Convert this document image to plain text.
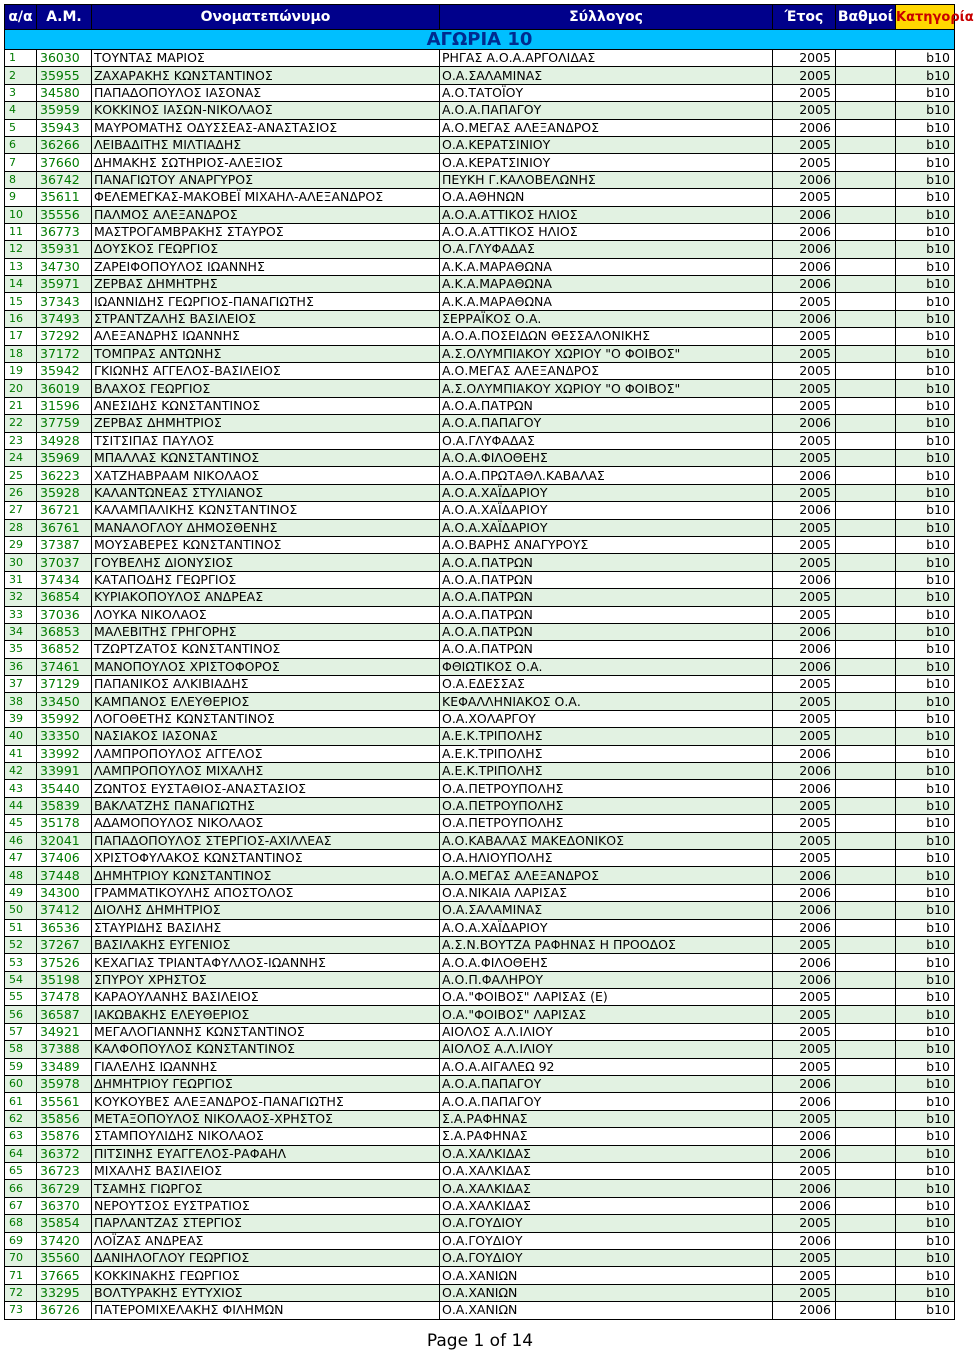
α/α	Α.Μ.	Ονοματεπώνυμο	Σύλλογος	Έτος	Βαθμοί	Κατηγορία
ΑΓΩΡΙΑ 10						
1	36030	ΤΟΥΝΤΑΣ ΜΑΡΙΟΣ	ΡΗΓΑΣ Α.Ο.Α.ΑΡΓΟΛΙΔΑΣ	2005		b10
2	35955	ΖΑΧΑΡΑΚΗΣ ΚΩΝΣΤΑΝΤΙΝΟΣ	Ο.Α.ΣΑΛΑΜΙΝΑΣ	2005		b10
3	34580	ΠΑΠΑΔΟΠΟΥΛΟΣ ΙΑΣΟΝΑΣ	Α.Ο.ΤΑΤΟΪΟΥ	2005		b10
4	35959	ΚΟΚΚΙΝΟΣ ΙΑΣΩΝ-ΝΙΚΟΛΑΟΣ	Α.Ο.Α.ΠΑΠΑΓΟΥ	2005		b10
5	35943	ΜΑΥΡΟΜΑΤΗΣ ΟΔΥΣΣΕΑΣ-ΑΝΑΣΤΑΣΙΟΣ	Α.Ο.ΜΕΓΑΣ ΑΛΕΞΑΝΔΡΟΣ	2006		b10
6	36266	ΛΕΙΒΑΔΙΤΗΣ ΜΙΛΤΙΑΔΗΣ	Ο.Α.ΚΕΡΑΤΣΙΝΙΟΥ	2005		b10
7	37660	ΔΗΜΑΚΗΣ ΣΩΤΗΡΙΟΣ-ΑΛΕΞΙΟΣ	Ο.Α.ΚΕΡΑΤΣΙΝΙΟΥ	2005		b10
8	36742	ΠΑΝΑΓΙΩΤΟΥ ΑΝΑΡΓΥΡΟΣ	ΠΕΥΚΗ Γ.ΚΑΛΟΒΕΛΩΝΗΣ	2006		b10
9	35611	ΦΕΛΕΜΕΓΚΑΣ-ΜΑΚΟΒΕΪ ΜΙΧΑΗΛ-ΑΛΕΞΑΝΔΡΟΣ	Ο.Α.ΑΘΗΝΩΝ	2005		b10
10	35556	ΠΑΛΜΟΣ ΑΛΕΞΑΝΔΡΟΣ	Α.Ο.Α.ΑΤΤΙΚΟΣ ΗΛΙΟΣ	2006		b10
11	36773	ΜΑΣΤΡΟΓΑΜΒΡΑΚΗΣ ΣΤΑΥΡΟΣ	Α.Ο.Α.ΑΤΤΙΚΟΣ ΗΛΙΟΣ	2006		b10
12	35931	ΔΟΥΣΚΟΣ ΓΕΩΡΓΙΟΣ	Ο.Α.ΓΛΥΦΑΔΑΣ	2006		b10
13	34730	ΖΑΡΕΙΦΟΠΟΥΛΟΣ ΙΩΑΝΝΗΣ	Α.Κ.Α.ΜΑΡΑΘΩΝΑ	2006		b10
14	35971	ΖΕΡΒΑΣ ΔΗΜΗΤΡΗΣ	Α.Κ.Α.ΜΑΡΑΘΩΝΑ	2006		b10
15	37343	ΙΩΑΝΝΙΔΗΣ ΓΕΩΡΓΙΟΣ-ΠΑΝΑΓΙΩΤΗΣ	Α.Κ.Α.ΜΑΡΑΘΩΝΑ	2005		b10
16	37493	ΣΤΡΑΝΤΖΑΛΗΣ ΒΑΣΙΛΕΙΟΣ	ΣΕΡΡΑΪΚΟΣ Ο.Α.	2006		b10
17	37292	ΑΛΕΞΑΝΔΡΗΣ ΙΩΑΝΝΗΣ	Α.Ο.Α.ΠΟΣΕΙΔΩΝ ΘΕΣΣΑΛΟΝΙΚΗΣ	2005		b10
18	37172	ΤΟΜΠΡΑΣ ΑΝΤΩΝΗΣ	Α.Σ.ΟΛΥΜΠΙΑΚΟΥ ΧΩΡΙΟΥ "Ο ΦΟΙΒΟΣ"	2005		b10
19	35942	ΓΚΙΩΝΗΣ ΑΓΓΕΛΟΣ-ΒΑΣΙΛΕΙΟΣ	Α.Ο.ΜΕΓΑΣ ΑΛΕΞΑΝΔΡΟΣ	2005		b10
20	36019	ΒΛΑΧΟΣ ΓΕΩΡΓΙΟΣ	Α.Σ.ΟΛΥΜΠΙΑΚΟΥ ΧΩΡΙΟΥ "Ο ΦΟΙΒΟΣ"	2005		b10
21	31596	ΑΝΕΣΙΔΗΣ ΚΩΝΣΤΑΝΤΙΝΟΣ	Α.Ο.Α.ΠΑΤΡΩΝ	2005		b10
22	37759	ΖΕΡΒΑΣ ΔΗΜΗΤΡΙΟΣ	Α.Ο.Α.ΠΑΠΑΓΟΥ	2006		b10
23	34928	ΤΣΙΤΣΙΠΑΣ ΠΑΥΛΟΣ	Ο.Α.ΓΛΥΦΑΔΑΣ	2005		b10
24	35969	ΜΠΑΛΛΑΣ ΚΩΝΣΤΑΝΤΙΝΟΣ	Α.Ο.Α.ΦΙΛΟΘΕΗΣ	2005		b10
25	36223	ΧΑΤΖΗΑΒΡΑΑΜ ΝΙΚΟΛΑΟΣ	Α.Ο.Α.ΠΡΩΤΑΘΛ.ΚΑΒΑΛΑΣ	2006		b10
26	35928	ΚΑΛΑΝΤΩΝΕΑΣ ΣΤΥΛΙΑΝΟΣ	Α.Ο.Α.ΧΑΪΔΑΡΙΟΥ	2005		b10
27	36721	ΚΑΛΑΜΠΑΛΙΚΗΣ ΚΩΝΣΤΑΝΤΙΝΟΣ	Α.Ο.Α.ΧΑΪΔΑΡΙΟΥ	2006		b10
28	36761	ΜΑΝΑΛΟΓΛΟΥ ΔΗΜΟΣΘΕΝΗΣ	Α.Ο.Α.ΧΑΪΔΑΡΙΟΥ	2005		b10
29	37387	ΜΟΥΣΑΒΕΡΕΣ ΚΩΝΣΤΑΝΤΙΝΟΣ	Α.Ο.ΒΑΡΗΣ ΑΝΑΓΥΡΟΥΣ	2005		b10
30	37037	ΓΟΥΒΕΛΗΣ ΔΙΟΝΥΣΙΟΣ	Α.Ο.Α.ΠΑΤΡΩΝ	2005		b10
31	37434	ΚΑΤΑΠΟΔΗΣ ΓΕΩΡΓΙΟΣ	Α.Ο.Α.ΠΑΤΡΩΝ	2006		b10
32	36854	ΚΥΡΙΑΚΟΠΟΥΛΟΣ ΑΝΔΡΕΑΣ	Α.Ο.Α.ΠΑΤΡΩΝ	2005		b10
33	37036	ΛΟΥΚΑ ΝΙΚΟΛΑΟΣ	Α.Ο.Α.ΠΑΤΡΩΝ	2005		b10
34	36853	ΜΑΛΕΒΙΤΗΣ ΓΡΗΓΟΡΗΣ	Α.Ο.Α.ΠΑΤΡΩΝ	2006		b10
35	36852	ΤΖΩΡΤΖΑΤΟΣ ΚΩΝΣΤΑΝΤΙΝΟΣ	Α.Ο.Α.ΠΑΤΡΩΝ	2006		b10
36	37461	ΜΑΝΟΠΟΥΛΟΣ ΧΡΙΣΤΟΦΟΡΟΣ	ΦΘΙΩΤΙΚΟΣ Ο.Α.	2006		b10
37	37129	ΠΑΠΑΝΙΚΟΣ ΑΛΚΙΒΙΑΔΗΣ	Ο.Α.ΕΔΕΣΣΑΣ	2005		b10
38	33450	ΚΑΜΠΑΝΟΣ ΕΛΕΥΘΕΡΙΟΣ	ΚΕΦΑΛΛΗΝΙΑΚΟΣ Ο.Α.	2005		b10
39	35992	ΛΟΓΟΘΕΤΗΣ ΚΩΝΣΤΑΝΤΙΝΟΣ	Ο.Α.ΧΟΛΑΡΓΟΥ	2005		b10
40	33350	ΝΑΣΙΑΚΟΣ ΙΑΣΟΝΑΣ	Α.Ε.Κ.ΤΡΙΠΟΛΗΣ	2005		b10
41	33992	ΛΑΜΠΡΟΠΟΥΛΟΣ ΑΓΓΕΛΟΣ	Α.Ε.Κ.ΤΡΙΠΟΛΗΣ	2006		b10
42	33991	ΛΑΜΠΡΟΠΟΥΛΟΣ ΜΙΧΑΛΗΣ	Α.Ε.Κ.ΤΡΙΠΟΛΗΣ	2006		b10
43	35440	ΖΩΝΤΟΣ ΕΥΣΤΑΘΙΟΣ-ΑΝΑΣΤΑΣΙΟΣ	Ο.Α.ΠΕΤΡΟΥΠΟΛΗΣ	2006		b10
44	35839	ΒΑΚΛΑΤΖΗΣ ΠΑΝΑΓΙΩΤΗΣ	Ο.Α.ΠΕΤΡΟΥΠΟΛΗΣ	2005		b10
45	35178	ΑΔΑΜΟΠΟΥΛΟΣ ΝΙΚΟΛΑΟΣ	Ο.Α.ΠΕΤΡΟΥΠΟΛΗΣ	2005		b10
46	32041	ΠΑΠΑΔΟΠΟΥΛΟΣ ΣΤΕΡΓΙΟΣ-ΑΧΙΛΛΕΑΣ	Α.Ο.ΚΑΒΑΛΑΣ ΜΑΚΕΔΟΝΙΚΟΣ	2005		b10
47	37406	ΧΡΙΣΤΟΦΥΛΑΚΟΣ ΚΩΝΣΤΑΝΤΙΝΟΣ	Ο.Α.ΗΛΙΟΥΠΟΛΗΣ	2005		b10
48	37448	ΔΗΜΗΤΡΙΟΥ ΚΩΝΣΤΑΝΤΙΝΟΣ	Α.Ο.ΜΕΓΑΣ ΑΛΕΞΑΝΔΡΟΣ	2006		b10
49	34300	ΓΡΑΜΜΑΤΙΚΟΥΛΗΣ ΑΠΟΣΤΟΛΟΣ	Ο.Α.ΝΙΚΑΙΑ ΛΑΡΙΣΑΣ	2006		b10
50	37412	ΔΙΟΛΗΣ ΔΗΜΗΤΡΙΟΣ	Ο.Α.ΣΑΛΑΜΙΝΑΣ	2006		b10
51	36536	ΣΤΑΥΡΙΔΗΣ ΒΑΣΙΛΗΣ	Α.Ο.Α.ΧΑΪΔΑΡΙΟΥ	2006		b10
52	37267	ΒΑΣΙΛΑΚΗΣ ΕΥΓΕΝΙΟΣ	Α.Σ.Ν.ΒΟΥΤΖΑ ΡΑΦΗΝΑΣ Η ΠΡΟΟΔΟΣ	2005		b10
53	37526	ΚΕΧΑΓΙΑΣ ΤΡΙΑΝΤΑΦΥΛΛΟΣ-ΙΩΑΝΝΗΣ	Α.Ο.Α.ΦΙΛΟΘΕΗΣ	2006		b10
54	35198	ΣΠΥΡΟΥ ΧΡΗΣΤΟΣ	Α.Ο.Π.ΦΑΛΗΡΟΥ	2006		b10
55	37478	ΚΑΡΑΟΥΛΑΝΗΣ ΒΑΣΙΛΕΙΟΣ	Ο.Α."ΦΟΙΒΟΣ" ΛΑΡΙΣΑΣ (Ε)	2005		b10
56	36587	ΙΑΚΩΒΑΚΗΣ ΕΛΕΥΘΕΡΙΟΣ	Ο.Α."ΦΟΙΒΟΣ" ΛΑΡΙΣΑΣ	2005		b10
57	34921	ΜΕΓΑΛΟΓΙΑΝΝΗΣ ΚΩΝΣΤΑΝΤΙΝΟΣ	ΑΙΟΛΟΣ Α.Λ.ΙΛΙΟΥ	2005		b10
58	37388	ΚΑΛΦΟΠΟΥΛΟΣ ΚΩΝΣΤΑΝΤΙΝΟΣ	ΑΙΟΛΟΣ Α.Λ.ΙΛΙΟΥ	2005		b10
59	33489	ΓΙΑΛΕΛΗΣ ΙΩΑΝΝΗΣ	Α.Ο.Α.ΑΙΓΑΛΕΩ 92	2005		b10
60	35978	ΔΗΜΗΤΡΙΟΥ ΓΕΩΡΓΙΟΣ	Α.Ο.Α.ΠΑΠΑΓΟΥ	2006		b10
61	35561	ΚΟΥΚΟΥΒΕΣ ΑΛΕΞΑΝΔΡΟΣ-ΠΑΝΑΓΙΩΤΗΣ	Α.Ο.Α.ΠΑΠΑΓΟΥ	2006		b10
62	35856	ΜΕΤΑΞΟΠΟΥΛΟΣ ΝΙΚΟΛΑΟΣ-ΧΡΗΣΤΟΣ	Σ.Α.ΡΑΦΗΝΑΣ	2005		b10
63	35876	ΣΤΑΜΠΟΥΛΙΔΗΣ ΝΙΚΟΛΑΟΣ	Σ.Α.ΡΑΦΗΝΑΣ	2006		b10
64	36372	ΠΙΤΣΙΝΗΣ ΕΥΑΓΓΕΛΟΣ-ΡΑΦΑΗΛ	Ο.Α.ΧΑΛΚΙΔΑΣ	2006		b10
65	36723	ΜΙΧΑΛΗΣ ΒΑΣΙΛΕΙΟΣ	Ο.Α.ΧΑΛΚΙΔΑΣ	2005		b10
66	36729	ΤΣΑΜΗΣ ΓΙΩΡΓΟΣ	Ο.Α.ΧΑΛΚΙΔΑΣ	2006		b10
67	36370	ΝΕΡΟΥΤΣΟΣ ΕΥΣΤΡΑΤΙΟΣ	Ο.Α.ΧΑΛΚΙΔΑΣ	2006		b10
68	35854	ΠΑΡΛΑΝΤΖΑΣ ΣΤΕΡΓΙΟΣ	Ο.Α.ΓΟΥΔΙΟΥ	2005		b10
69	37420	ΛΟΪΖΑΣ ΑΝΔΡΕΑΣ	Ο.Α.ΓΟΥΔΙΟΥ	2006		b10
70	35560	ΔΑΝΙΗΛΟΓΛΟΥ ΓΕΩΡΓΙΟΣ	Ο.Α.ΓΟΥΔΙΟΥ	2005		b10
71	37665	ΚΟΚΚΙΝΑΚΗΣ ΓΕΩΡΓΙΟΣ	Ο.Α.ΧΑΝΙΩΝ	2005		b10
72	33295	ΒΟΛΤΥΡΑΚΗΣ ΕΥΤΥΧΙΟΣ	Ο.Α.ΧΑΝΙΩΝ	2005		b10
73	36726	ΠΑΤΕΡΟΜΙΧΕΛΑΚΗΣ ΦΙΛΗΜΩΝ	Ο.Α.ΧΑΝΙΩΝ	2006		b10
Page 1 of 14
